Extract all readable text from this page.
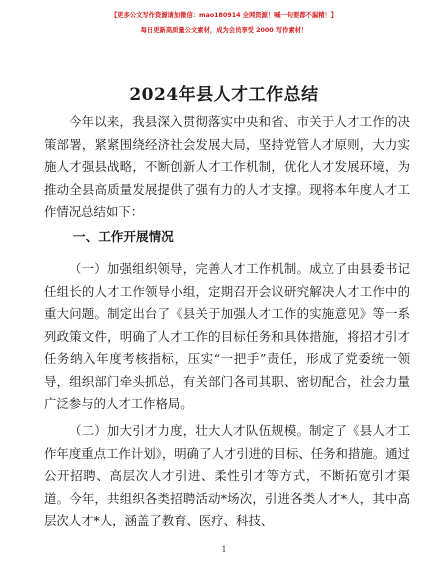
【更多公文写作资源请加微信：mao180914 全网资源！喊一句要都不漏精！】
每日更新高质量公文素材，成为会员享受 2000 写作素材！
2024年县人才工作总结
今年以来，我县深入贯彻落实中央和省、市关于人才工作的决策部署，紧紧围绕经济社会发展大局，坚持党管人才原则，大力实施人才强县战略，不断创新人才工作机制，优化人才发展环境，为推动全县高质量发展提供了强有力的人才支撑。现将本年度人才工作情况总结如下：
一、工作开展情况
（一）加强组织领导，完善人才工作机制。成立了由县委书记任组长的人才工作领导小组，定期召开会议研究解决人才工作中的重大问题。制定出台了《县关于加强人才工作的实施意见》等一系列政策文件，明确了人才工作的目标任务和具体措施，将招才引才任务纳入年度考核指标，压实“一把手”责任，形成了党委统一领导，组织部门牵头抓总，有关部门各司其职、密切配合，社会力量广泛参与的人才工作格局。
（二）加大引才力度，壮大人才队伍规模。制定了《县人才工作年度重点工作计划》，明确了人才引进的目标、任务和措施。通过公开招聘、高层次人才引进、柔性引才等方式，不断拓宽引才渠道。今年，共组织各类招聘活动*场次，引进各类人才*人，其中高层次人才*人，涵盖了教育、医疗、科技、
1
